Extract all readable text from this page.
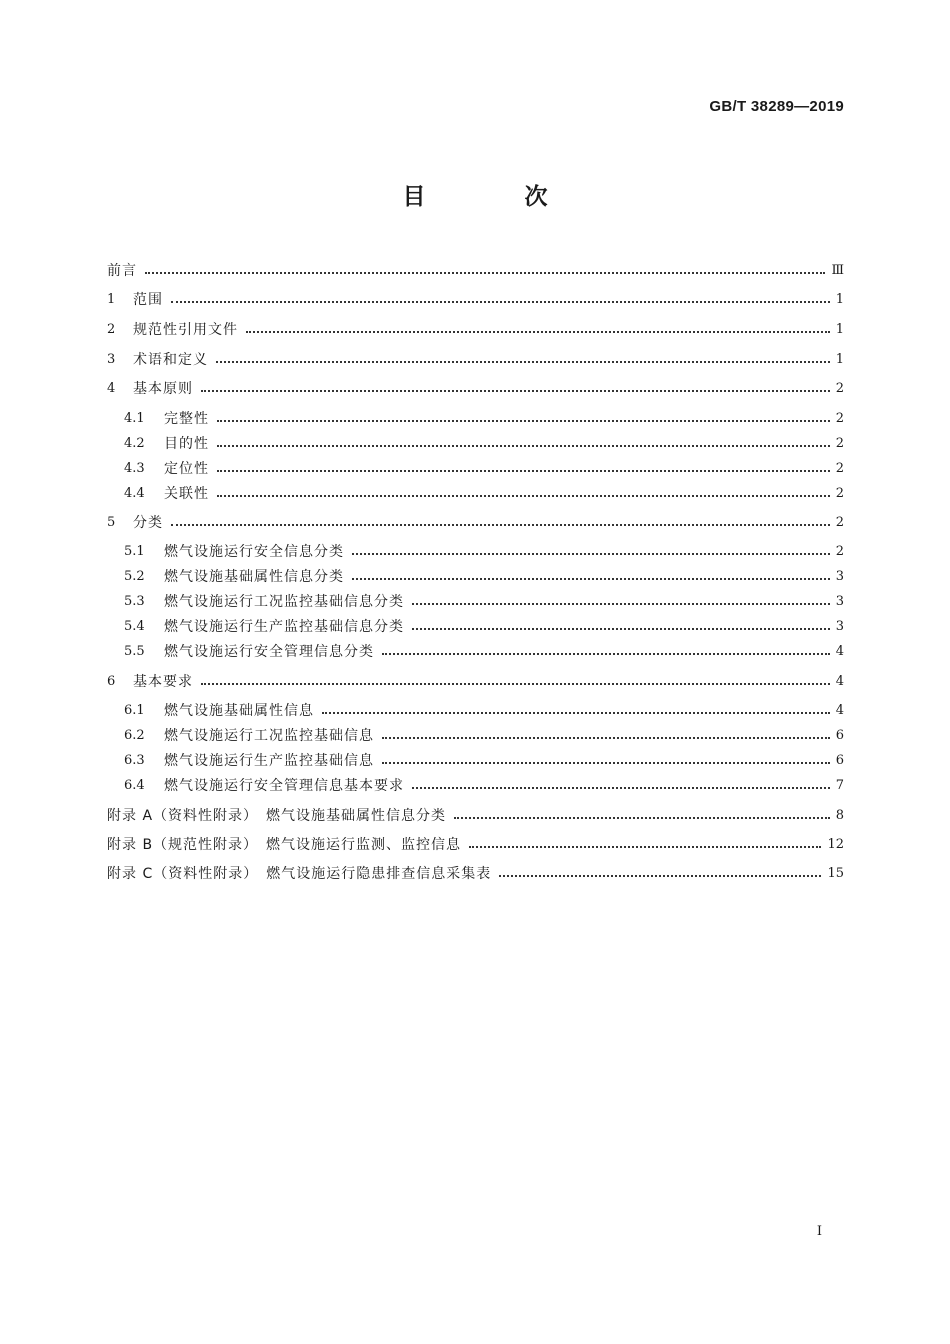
GB/T 38289—2019
目　次
前言	Ⅲ
1	范围	1
2	规范性引用文件	1
3	术语和定义	1
4	基本原则	2
4.1	完整性	2
4.2	目的性	2
4.3	定位性	2
4.4	关联性	2
5	分类	2
5.1	燃气设施运行安全信息分类	2
5.2	燃气设施基础属性信息分类	3
5.3	燃气设施运行工况监控基础信息分类	3
5.4	燃气设施运行生产监控基础信息分类	3
5.5	燃气设施运行安全管理信息分类	4
6	基本要求	4
6.1	燃气设施基础属性信息	4
6.2	燃气设施运行工况监控基础信息	6
6.3	燃气设施运行生产监控基础信息	6
6.4	燃气设施运行安全管理信息基本要求	7
附录 A（资料性附录）　燃气设施基础属性信息分类	8
附录 B（规范性附录）　燃气设施运行监测、监控信息	12
附录 C（资料性附录）　燃气设施运行隐患排查信息采集表	15
I
